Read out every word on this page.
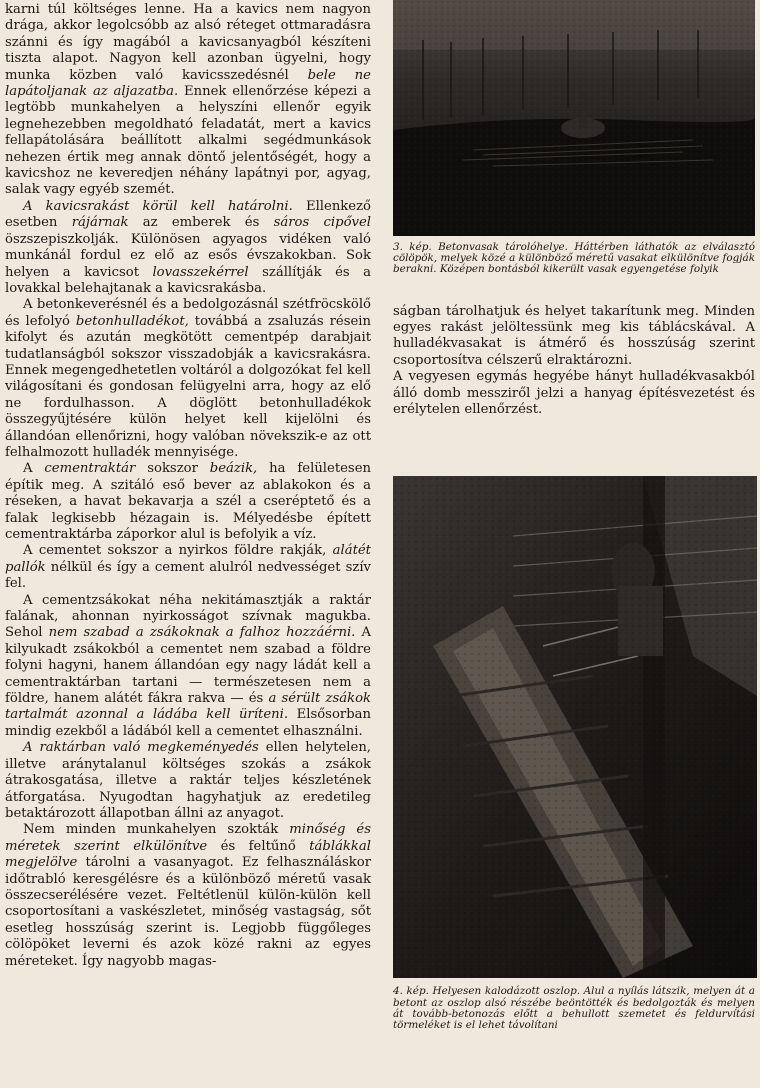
karni túl költséges lenne. Ha a kavics nem nagyon drága, akkor legolcsóbb az alsó réteget ottmaradásra szánni és így magából a kavicsanyagból készíteni tiszta alapot. Nagyon kell azonban ügyelni, hogy munka közben való kavicsszedésnél bele ne lapátoljanak az aljazatba. Ennek ellenőrzése képezi a legtöbb munkahelyen a helyszíni ellenőr egyik legnehezebben megoldható feladatát, mert a kavics fellapátolására beállított alkalmi segédmunkások nehezen értik meg annak döntő jelentőségét, hogy a kavicshoz ne keveredjen néhány lapátnyi por, agyag, salak vagy egyéb szemét.

A kavicsrakást körül kell határolni. Ellenkező esetben rájárnak az emberek és sáros cipővel öszszepiszkolják. Különösen agyagos vidéken való munkánál fordul ez elő az esős évszakokban. Sok helyen a kavicsot lovasszekérrel szállítják és a lovakkal belehajtanak a kavicsrakásba.

A betonkeverésnél és a bedolgozásnál szétfröcskölő és lefolyó betonhulladékot, továbbá a zsaluzás résein kifolyt és azután megkötött cementpép darabjait tudatlanságból sokszor visszadobják a kavicsrakásra. Ennek megengedhetetlen voltáról a dolgozókat fel kell világosítani és gondosan felügyelni arra, hogy az elő ne fordulhasson. A döglött betonhulladékok összegyűjtésére külön helyet kell kijelölni és állandóan ellenőrizni, hogy valóban növekszik-e az ott felhalmozott hulladék mennyisége.

A cementraktár sokszor beázik, ha felületesen építik meg. A szitáló eső bever az ablakokon és a réseken, a havat bekavarja a szél a cseréptető és a falak legkisebb hézagain is. Mélyedésbe épített cementraktárba záporkor alul is befolyik a víz.

A cementet sokszor a nyirkos földre rakják, alátét pallók nélkül és így a cement alulról nedvességet szív fel.

A cementzsákokat néha nekitámasztják a raktár falának, ahonnan nyirkosságot szívnak magukba. Sehol nem szabad a zsákoknak a falhoz hozzáérni. A kilyukadt zsákokból a cementet nem szabad a földre folyni hagyni, hanem állandóan egy nagy ládát kell a cementraktárban tartani — természetesen nem a földre, hanem alátét fákra rakva — és a sérült zsákok tartalmát azonnal a ládába kell üríteni. Elsősorban mindig ezekből a ládából kell a cementet elhasználni.

A raktárban való megkeményedés ellen helytelen, illetve aránytalanul költséges szokás a zsákok átrakosgatása, illetve a raktár teljes készletének átforgatása. Nyugodtan hagyhatjuk az eredetileg betaktározott állapotban állni az anyagot.

Nem minden munkahelyen szokták minőség és méretek szerint elkülönítve és feltűnő táblákkal megjelölve tárolni a vasanyagot. Ez felhasználáskor időtrabló keresgélésre és a különböző méretű vasak összecserélésére vezet. Feltétlenül külön-külön kell csoportosítani a vaskészletet, minőség vastagság, sőt esetleg hosszúság szerint is. Legjobb függőleges cölöpöket leverni és azok közé rakni az egyes méreteket. Így nagyobb magas-

3. kép. Betonvasak tárolóhelye. Háttérben láthatók az elválasztó cölöpök, melyek közé a különböző méretű vasakat elkülönítve fogják berakni. Középen bontásból kikerült vasak egyengetése folyik

ságban tárolhatjuk és helyet takarítunk meg. Minden egyes rakást jelöltessünk meg kis táblácskával. A hulladékvasakat is átmérő és hosszúság szerint csoportosítva célszerű elraktározni.

A vegyesen egymás hegyébe hányt hulladékvasakból álló domb messziről jelzi a hanyag építésvezetést és erélytelen ellenőrzést.

4. kép. Helyesen kalodázott oszlop. Alul a nyílás látszik, melyen át a betont az oszlop alsó részébe beöntötték és bedolgozták és melyen át tovább-betonozás előtt a behullott szemetet és feldurvítási törmeléket is el lehet távolítani
